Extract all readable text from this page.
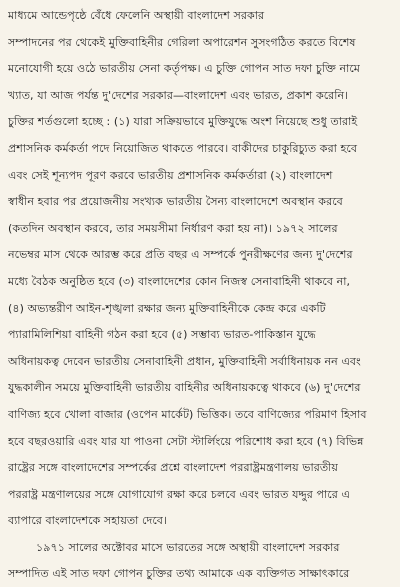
মাধ্যমে আন্ডেপৃষ্ঠে বেঁধে ফেলেনি অস্থায়ী বাংলাদেশ সরকার
সম্পাদনের পর থেকেই মুক্তিবাহিনীর গেরিলা অপারেশন সুসংগঠিত করতে বিশেষ
মনোযোগী হয়ে ওঠে ভারতীয় সেনা কর্তৃপক্ষ। এ চুক্তি গোপন সাত দফা চুক্তি নামে
খ্যাত, যা আজ পর্যন্ত দু'দেশের সরকার—বাংলাদেশ এবং ভারত, প্রকাশ করেনি।
চুক্তির শর্তগুলো হচ্ছে : (১) যারা সক্রিয়ভাবে মুক্তিযুদ্ধে অংশ নিয়েছে শুধু তারাই
প্রশাসনিক কর্মকর্তা পদে নিয়োজিত থাকতে পারবে। বাকীদের চাকুরিচ্যুত করা হবে
এবং সেই শূন্যপদ পূরণ করবে ভারতীয় প্রশাসনিক কর্মকর্তারা (২) বাংলাদেশ
স্বাধীন হবার পর প্রয়োজনীয় সংখ্যক ভারতীয় সৈন্য বাংলাদেশে অবস্থান করবে
(কতদিন অবস্থান করবে, তার সময়সীমা নির্ধারণ করা হয় না)। ১৯৭২ সালের
নভেম্বর মাস থেকে আরম্ভ করে প্রতি বছর এ সম্পর্কে পুনরীক্ষণের জন্য দু'দেশের
মধ্যে বৈঠক অনুষ্ঠিত হবে (৩) বাংলাদেশের কোন নিজস্ব সেনাবাহিনী থাকবে না,
(৪) অভ্যন্তরীণ আইন-শৃঙ্খলা রক্ষার জন্য মুক্তিবাহিনীকে কেন্দ্র করে একটি
প্যারামিলিশিয়া বাহিনী গঠন করা হবে (৫) সম্ভাব্য ভারত-পাকিস্তান যুদ্ধে
অধিনায়কত্ব দেবেন ভারতীয় সেনাবাহিনী প্রধান, মুক্তিবাহিনী সর্বাধিনায়ক নন এবং
যুদ্ধকালীন সময়ে মুক্তিবাহিনী ভারতীয় বাহিনীর অধিনায়কত্বে থাকবে (৬) দু'দেশের
বাণিজ্য হবে খোলা বাজার (ওপেন মার্কেট) ভিত্তিক। তবে বাণিজ্যের পরিমাণ হিসাব
হবে বছরওয়ারি এবং যার যা পাওনা সেটা স্টার্লিংয়ে পরিশোধ করা হবে (৭) বিভিন্ন
রাষ্ট্রের সঙ্গে বাংলাদেশের সম্পর্কের প্রশ্নে বাংলাদেশ পররাষ্ট্রমন্ত্রণালয় ভারতীয়
পররাষ্ট্র মন্ত্রণালয়ের সঙ্গে যোগাযোগ রক্ষা করে চলবে এবং ভারত যদ্দুর পারে এ
ব্যাপারে বাংলাদেশকে সহায়তা দেবে।
১৯৭১ সালের অক্টোবর মাসে ভারতের সঙ্গে অস্থায়ী বাংলাদেশ সরকার
সম্পাদিত এই সাত দফা গোপন চুক্তির তথ্য আমাকে এক ব্যক্তিগত সাক্ষাৎকারে
